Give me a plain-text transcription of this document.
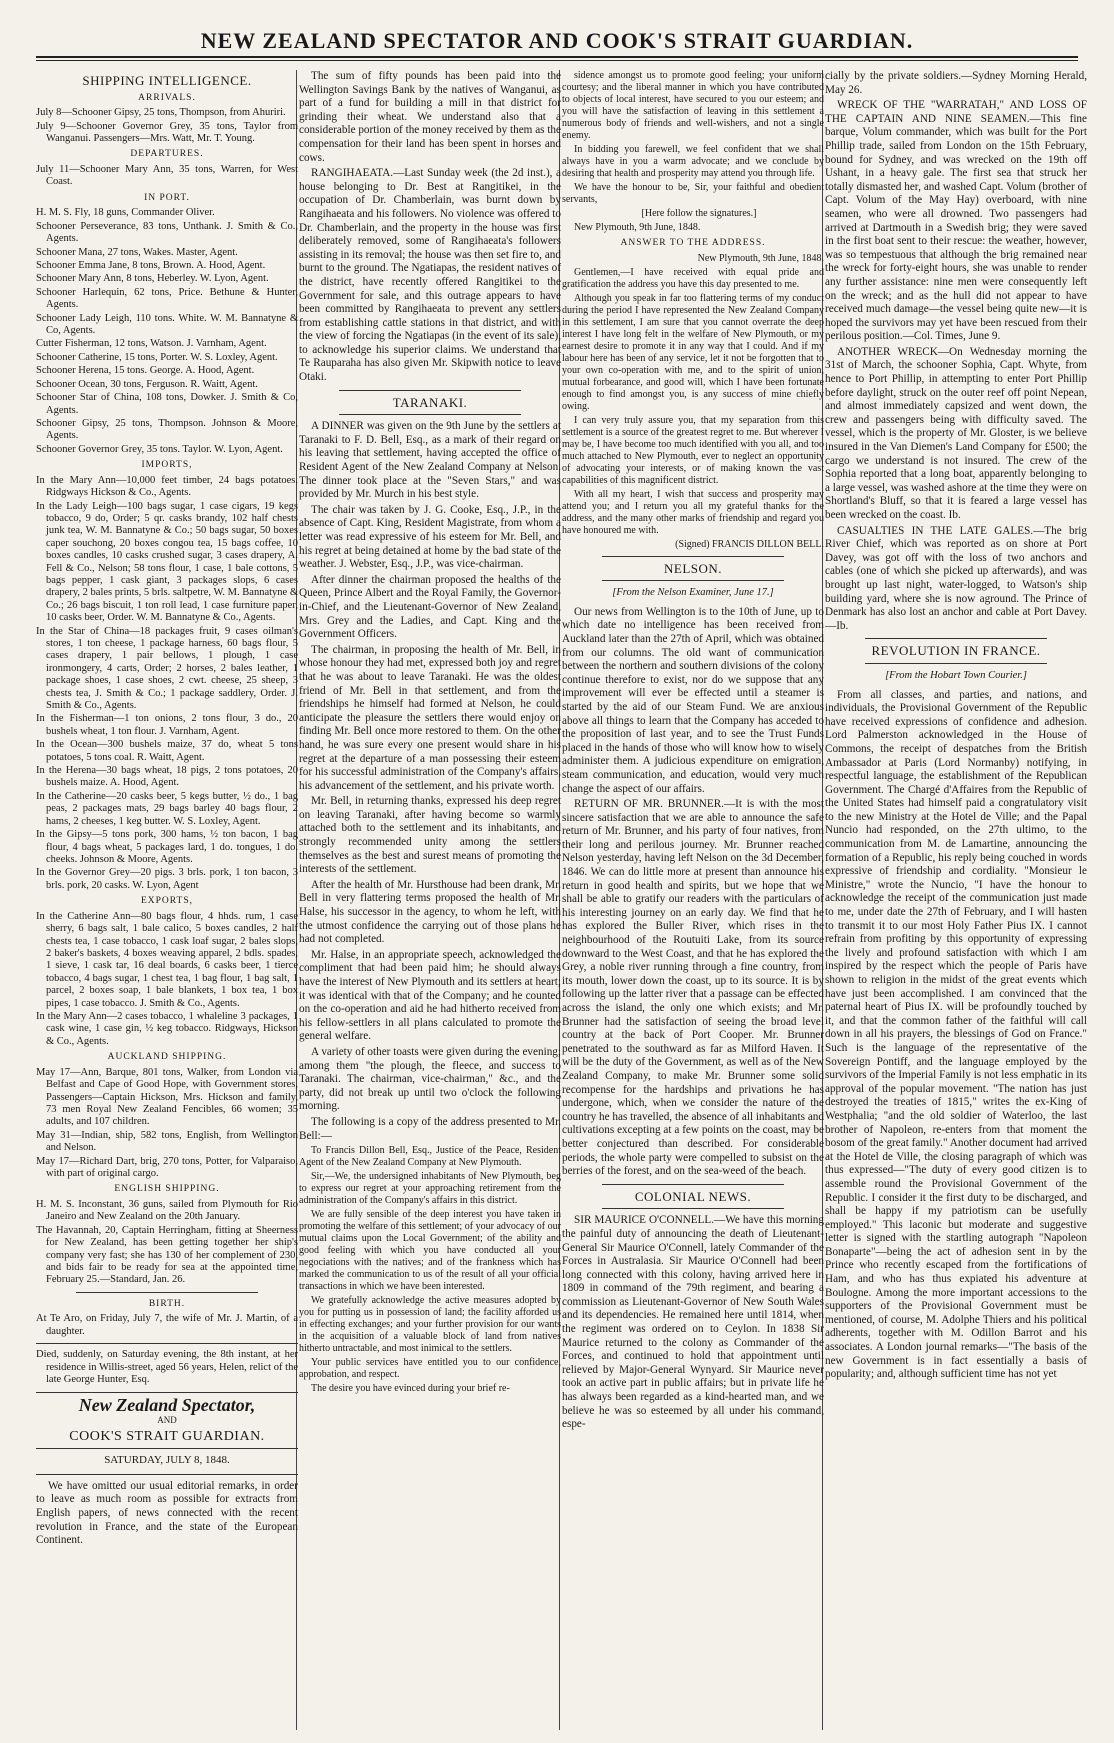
NEW ZEALAND SPECTATOR AND COOK'S STRAIT GUARDIAN.
SHIPPING INTELLIGENCE.
ARRIVALS.

July 8—Schooner Gipsy, 25 tons, Thompson, from Ahuriri.

July 9—Schooner Governor Grey, 35 tons, Taylor from Wanganui. Passengers—Mrs. Watt, Mr. T. Young.

DEPARTURES.

July 11—Schooner Mary Ann, 35 tons, Warren, for West Coast.

IN PORT.

H. M. S. Fly, 18 guns, Commander Oliver.

Schooner Perseverance, 83 tons, Unthank. J. Smith & Co., Agents.

Schooner Mana, 27 tons, Wakes. Master, Agent.

Schooner Emma Jane, 8 tons, Brown. A. Hood, Agent.

Schooner Mary Ann, 8 tons, Heberley. W. Lyon, Agent.

Schooner Harlequin, 62 tons, Price. Bethune & Hunter, Agents.

Schooner Lady Leigh, 110 tons. White. W. M. Bannatyne & Co, Agents.

Cutter Fisherman, 12 tons, Watson. J. Varnham, Agent.

Schooner Catherine, 15 tons, Porter. W. S. Loxley, Agent.

Schooner Herena, 15 tons. George. A. Hood, Agent.

Schooner Ocean, 30 tons, Ferguson. R. Waitt, Agent.

Schooner Star of China, 108 tons, Dowker. J. Smith & Co, Agents.

Schooner Gipsy, 25 tons, Thompson. Johnson & Moore, Agents.

Schooner Governor Grey, 35 tons. Taylor. W. Lyon, Agent.

IMPORTS,

In the Mary Ann—10,000 feet timber, 24 bags potatoes. Ridgways Hickson & Co., Agents.

In the Lady Leigh—100 bags sugar, 1 case cigars, 19 kegs tobacco, 9 do, Order; 5 qr. casks brandy, 102 half chests junk tea, W. M. Bannatyne & Co.; 50 bags sugar, 50 boxes caper souchong, 20 boxes congou tea, 15 bags coffee, 10 boxes candles, 10 casks crushed sugar, 3 cases drapery, A. Fell & Co., Nelson; 58 tons flour, 1 case, 1 bale cottons, 5 bags pepper, 1 cask giant, 3 packages slops, 6 cases drapery, 2 bales prints, 5 brls. saltpetre, W. M. Bannatyne & Co.; 26 bags biscuit, 1 ton roll lead, 1 case furniture paper, 10 casks beer, Order. W. M. Bannatyne & Co., Agents.

In the Star of China—18 packages fruit, 9 cases oilman's stores, 1 ton cheese, 1 package harness, 60 bags flour, 5 cases drapery, 1 pair bellows, 1 plough, 1 case ironmongery, 4 carts, Order; 2 horses, 2 bales leather, 1 package shoes, 1 case shoes, 2 cwt. cheese, 25 sheep, 3 chests tea, J. Smith & Co.; 1 package saddlery, Order. J. Smith & Co., Agents.

In the Fisherman—1 ton onions, 2 tons flour, 3 do., 20 bushels wheat, 1 ton flour. J. Varnham, Agent.

In the Ocean—300 bushels maize, 37 do, wheat 5 tons potatoes, 5 tons coal. R. Waitt, Agent.

In the Herena—30 bags wheat, 18 pigs, 2 tons potatoes, 20 bushels maize. A. Hood, Agent.

In the Catherine—20 casks beer, 5 kegs butter, ½ do., 1 bag peas, 2 packages mats, 29 bags barley 40 bags flour, 2 hams, 2 cheeses, 1 keg butter. W. S. Loxley, Agent.

In the Gipsy—5 tons pork, 300 hams, ½ ton bacon, 1 bag flour, 4 bags wheat, 5 packages lard, 1 do. tongues, 1 do. cheeks. Johnson & Moore, Agents.

In the Governor Grey—20 pigs. 3 brls. pork, 1 ton bacon, 3 brls. pork, 20 casks. W. Lyon, Agent

EXPORTS,

In the Catherine Ann—80 bags flour, 4 hhds. rum, 1 case sherry, 6 bags salt, 1 bale calico, 5 boxes candles, 2 half chests tea, 1 case tobacco, 1 cask loaf sugar, 2 bales slops, 2 baker's baskets, 4 boxes weaving apparel, 2 bdls. spades, 1 sieve, 1 cask tar, 16 deal boards, 6 casks beer, 1 tierce tobacco, 4 bags sugar, 1 chest tea, 1 bag flour, 1 bag salt, 1 parcel, 2 boxes soap, 1 bale blankets, 1 box tea, 1 box pipes, 1 case tobacco. J. Smith & Co., Agents.

In the Mary Ann—2 cases tobacco, 1 whaleline 3 packages, 1 cask wine, 1 case gin, ½ keg tobacco. Ridgways, Hickson & Co., Agents.

AUCKLAND SHIPPING.

May 17—Ann, Barque, 801 tons, Walker, from London via Belfast and Cape of Good Hope, with Government stores, Passengers—Captain Hickson, Mrs. Hickson and family, 73 men Royal New Zealand Fencibles, 66 women; 35 adults, and 107 children.

May 31—Indian, ship, 582 tons, English, from Wellington and Nelson.

May 17—Richard Dart, brig, 270 tons, Potter, for Valparaiso, with part of original cargo.

ENGLISH SHIPPING.

H. M. S. Inconstant, 36 guns, sailed from Plymouth for Rio Janeiro and New Zealand on the 20th January.

The Havannah, 20, Captain Herringham, fitting at Sheerness for New Zealand, has been getting together her ship's company very fast; she has 130 of her complement of 230, and bids fair to be ready for sea at the appointed time, February 25.—Standard, Jan. 26.

BIRTH.

At Te Aro, on Friday, July 7, the wife of Mr. J. Martin, of a daughter.

Died, suddenly, on Saturday evening, the 8th instant, at her residence in Willis-street, aged 56 years, Helen, relict of the late George Hunter, Esq.

New Zealand Spectator,
AND
COOK'S STRAIT GUARDIAN.
SATURDAY, JULY 8, 1848.

We have omitted our usual editorial remarks, in order to leave as much room as possible for extracts from English papers, of news connected with the recent revolution in France, and the state of the European Continent.

The sum of fifty pounds has been paid into the Wellington Savings Bank by the natives of Wanganui, as part of a fund for building a mill in that district for grinding their wheat. We understand also that a considerable portion of the money received by them as the compensation for their land has been spent in horses and cows.

RANGIHAEATA.—Last Sunday week (the 2d inst.), a house belonging to Dr. Best at Rangitikei, in the occupation of Dr. Chamberlain, was burnt down by Rangihaeata and his followers. No violence was offered to Dr. Chamberlain, and the property in the house was first deliberately removed, some of Rangihaeata's followers assisting in its removal; the house was then set fire to, and burnt to the ground. The Ngatiapas, the resident natives of the district, have recently offered Rangitikei to the Government for sale, and this outrage appears to have been committed by Rangihaeata to prevent any settlers from establishing cattle stations in that district, and with the view of forcing the Ngatiapas (in the event of its sale), to acknowledge his superior claims. We understand that Te Rauparaha has also given Mr. Skipwith notice to leave Otaki.

TARANAKI.

A DINNER was given on the 9th June by the settlers at Taranaki to F. D. Bell, Esq., as a mark of their regard on his leaving that settlement, having accepted the office of Resident Agent of the New Zealand Company at Nelson. The dinner took place at the "Seven Stars," and was provided by Mr. Murch in his best style.

The chair was taken by J. G. Cooke, Esq., J.P., in the absence of Capt. King, Resident Magistrate, from whom a letter was read expressive of his esteem for Mr. Bell, and his regret at being detained at home by the bad state of the weather. J. Webster, Esq., J.P., was vice-chairman.

After dinner the chairman proposed the healths of the Queen, Prince Albert and the Royal Family, the Governor-in-Chief, and the Lieutenant-Governor of New Zealand, Mrs. Grey and the Ladies, and Capt. King and the Government Officers.

The chairman, in proposing the health of Mr. Bell, in whose honour they had met, expressed both joy and regret that he was about to leave Taranaki. He was the oldest friend of Mr. Bell in that settlement, and from the friendships he himself had formed at Nelson, he could anticipate the pleasure the settlers there would enjoy on finding Mr. Bell once more restored to them. On the other hand, he was sure every one present would share in his regret at the departure of a man possessing their esteem for his successful administration of the Company's affairs, his advancement of the settlement, and his private worth.

Mr. Bell, in returning thanks, expressed his deep regret on leaving Taranaki, after having become so warmly attached both to the settlement and its inhabitants, and strongly recommended unity among the settlers themselves as the best and surest means of promoting the interests of the settlement.

After the health of Mr. Hursthouse had been drank, Mr. Bell in very flattering terms proposed the health of Mr. Halse, his successor in the agency, to whom he left, with the utmost confidence the carrying out of those plans he had not completed.

Mr. Halse, in an appropriate speech, acknowledged the compliment that had been paid him; he should always have the interest of New Plymouth and its settlers at heart; it was identical with that of the Company; and he counted on the co-operation and aid he had hitherto received from his fellow-settlers in all plans calculated to promote the general welfare.

A variety of other toasts were given during the evening; among them "the plough, the fleece, and success to Taranaki. The chairman, vice-chairman," &c., and the party, did not break up until two o'clock the following morning.

The following is a copy of the address presented to Mr. Bell:—

To Francis Dillon Bell, Esq., Justice of the Peace, Resident Agent of the New Zealand Company at New Plymouth.

Sir,—We, the undersigned inhabitants of New Plymouth, beg to express our regret at your approaching retirement from the administration of the Company's affairs in this district.

We are fully sensible of the deep interest you have taken in promoting the welfare of this settlement; of your advocacy of our mutual claims upon the Local Government; of the ability and good feeling with which you have conducted all your negociations with the natives; and of the frankness which has marked the communication to us of the result of all your official transactions in which we have been interested.

We gratefully acknowledge the active measures adopted by you for putting us in possession of land; the facility afforded us in effecting exchanges; and your further provision for our wants in the acquisition of a valuable block of land from natives hitherto untractable, and most inimical to the settlers.

Your public services have entitled you to our confidence, approbation, and respect.

The desire you have evinced during your brief re-

sidence amongst us to promote good feeling; your uniform courtesy; and the liberal manner in which you have contributed to objects of local interest, have secured to you our esteem; and you will have the satisfaction of leaving in this settlement a numerous body of friends and well-wishers, and not a single enemy.

In bidding you farewell, we feel confident that we shall always have in you a warm advocate; and we conclude by desiring that health and prosperity may attend you through life.

We have the honour to be, Sir, your faithful and obedient servants,

[Here follow the signatures.]

New Plymouth, 9th June, 1848.

ANSWER TO THE ADDRESS.

New Plymouth, 9th June, 1848.

Gentlemen,—I have received with equal pride and gratification the address you have this day presented to me.

Although you speak in far too flattering terms of my conduct during the period I have represented the New Zealand Company in this settlement, I am sure that you cannot overrate the deep interest I have long felt in the welfare of New Plymouth, or my earnest desire to promote it in any way that I could. And if my labour here has been of any service, let it not be forgotten that to your own co-operation with me, and to the spirit of union, mutual forbearance, and good will, which I have been fortunate enough to find amongst you, is any success of mine chiefly owing.

I can very truly assure you, that my separation from this settlement is a source of the greatest regret to me. But wherever I may be, I have become too much identified with you all, and too much attached to New Plymouth, ever to neglect an opportunity of advocating your interests, or of making known the vast capabilities of this magnificent district.

With all my heart, I wish that success and prosperity may attend you; and I return you all my grateful thanks for the address, and the many other marks of friendship and regard you have honoured me with.

(Signed) FRANCIS DILLON BELL.

NELSON.
[From the Nelson Examiner, June 17.]

Our news from Wellington is to the 10th of June, up to which date no intelligence has been received from Auckland later than the 27th of April, which was obtained from our columns. The old want of communication between the northern and southern divisions of the colony continue therefore to exist, nor do we suppose that any improvement will ever be effected until a steamer is started by the aid of our Steam Fund. We are anxious above all things to learn that the Company has acceded to the proposition of last year, and to see the Trust Funds placed in the hands of those who will know how to wisely administer them. A judicious expenditure on emigration, steam communication, and education, would very much change the aspect of our affairs.

RETURN OF MR. BRUNNER.—It is with the most sincere satisfaction that we are able to announce the safe return of Mr. Brunner, and his party of four natives, from their long and perilous journey. Mr. Brunner reached Nelson yesterday, having left Nelson on the 3d December, 1846. We can do little more at present than announce his return in good health and spirits, but we hope that we shall be able to gratify our readers with the particulars of his interesting journey on an early day. We find that he has explored the Buller River, which rises in the neighbourhood of the Routuiti Lake, from its source downward to the West Coast, and that he has explored the Grey, a noble river running through a fine country, from its mouth, lower down the coast, up to its source. It is by following up the latter river that a passage can be effected across the island, the only one which exists; and Mr. Brunner had the satisfaction of seeing the broad level country at the back of Port Cooper. Mr. Brunner penetrated to the southward as far as Milford Haven. It will be the duty of the Government, as well as of the New Zealand Company, to make Mr. Brunner some solid recompense for the hardships and privations he has undergone, which, when we consider the nature of the country he has travelled, the absence of all inhabitants and cultivations excepting at a few points on the coast, may be better conjectured than described. For considerable periods, the whole party were compelled to subsist on the berries of the forest, and on the sea-weed of the beach.

COLONIAL NEWS.

SIR MAURICE O'CONNELL.—We have this morning the painful duty of announcing the death of Lieutenant-General Sir Maurice O'Connell, lately Commander of the Forces in Australasia. Sir Maurice O'Connell had been long connected with this colony, having arrived here in 1809 in command of the 79th regiment, and bearing a commission as Lieutenant-Governor of New South Wales and its dependencies. He remained here until 1814, when the regiment was ordered on to Ceylon. In 1838 Sir Maurice returned to the colony as Commander of the Forces, and continued to hold that appointment until relieved by Major-General Wynyard. Sir Maurice never took an active part in public affairs; but in private life he has always been regarded as a kind-hearted man, and we believe he was so esteemed by all under his command, espe-

cially by the private soldiers.—Sydney Morning Herald, May 26.

WRECK OF THE "WARRATAH," AND LOSS OF THE CAPTAIN AND NINE SEAMEN.—This fine barque, Volum commander, which was built for the Port Phillip trade, sailed from London on the 15th February, bound for Sydney, and was wrecked on the 19th off Ushant, in a heavy gale. The first sea that struck her totally dismasted her, and washed Capt. Volum (brother of Capt. Volum of the May Hay) overboard, with nine seamen, who were all drowned. Two passengers had arrived at Dartmouth in a Swedish brig; they were saved in the first boat sent to their rescue: the weather, however, was so tempestuous that although the brig remained near the wreck for forty-eight hours, she was unable to render any further assistance: nine men were consequently left on the wreck; and as the hull did not appear to have received much damage—the vessel being quite new—it is hoped the survivors may yet have been rescued from their perilous position.—Col. Times, June 9.

ANOTHER WRECK—On Wednesday morning the 31st of March, the schooner Sophia, Capt. Whyte, from hence to Port Phillip, in attempting to enter Port Phillip before daylight, struck on the outer reef off point Nepean, and almost immediately capsized and went down, the crew and passengers being with difficulty saved. The vessel, which is the property of Mr. Gloster, is we believe insured in the Van Diemen's Land Company for £500; the cargo we understand is not insured. The crew of the Sophia reported that a long boat, apparently belonging to a large vessel, was washed ashore at the time they were on Shortland's Bluff, so that it is feared a large vessel has been wrecked on the coast. Ib.

CASUALTIES IN THE LATE GALES.—The brig River Chief, which was reported as on shore at Port Davey, was got off with the loss of two anchors and cables (one of which she picked up afterwards), and was brought up last night, water-logged, to Watson's ship building yard, where she is now aground. The Prince of Denmark has also lost an anchor and cable at Port Davey.—Ib.

REVOLUTION IN FRANCE.
[From the Hobart Town Courier.]

From all classes, and parties, and nations, and individuals, the Provisional Government of the Republic have received expressions of confidence and adhesion. Lord Palmerston acknowledged in the House of Commons, the receipt of despatches from the British Ambassador at Paris (Lord Normanby) notifying, in respectful language, the establishment of the Republican Government. The Chargé d'Affaires from the Republic of the United States had himself paid a congratulatory visit to the new Ministry at the Hotel de Ville; and the Papal Nuncio had responded, on the 27th ultimo, to the communication from M. de Lamartine, announcing the formation of a Republic, his reply being couched in words expressive of friendship and cordiality. "Monsieur le Ministre," wrote the Nuncio, "I have the honour to acknowledge the receipt of the communication just made to me, under date the 27th of February, and I will hasten to transmit it to our most Holy Father Pius IX. I cannot refrain from profiting by this opportunity of expressing the lively and profound satisfaction with which I am inspired by the respect which the people of Paris have shown to religion in the midst of the great events which have just been accomplished. I am convinced that the paternal heart of Pius IX. will be profoundly touched by it, and that the common father of the faithful will call down in all his prayers, the blessings of God on France." Such is the language of the representative of the Sovereign Pontiff, and the language employed by the survivors of the Imperial Family is not less emphatic in its approval of the popular movement. "The nation has just destroyed the treaties of 1815," writes the ex-King of Westphalia; "and the old soldier of Waterloo, the last brother of Napoleon, re-enters from that moment the bosom of the great family." Another document had arrived at the Hotel de Ville, the closing paragraph of which was thus expressed—"The duty of every good citizen is to assemble round the Provisional Government of the Republic. I consider it the first duty to be discharged, and shall be happy if my patriotism can be usefully employed." This laconic but moderate and suggestive letter is signed with the startling autograph "Napoleon Bonaparte"—being the act of adhesion sent in by the Prince who recently escaped from the fortifications of Ham, and who has thus expiated his adventure at Boulogne. Among the more important accessions to the supporters of the Provisional Government must be mentioned, of course, M. Adolphe Thiers and his political adherents, together with M. Odillon Barrot and his associates. A London journal remarks—"The basis of the new Government is in fact essentially a basis of popularity; and, although sufficient time has not yet
